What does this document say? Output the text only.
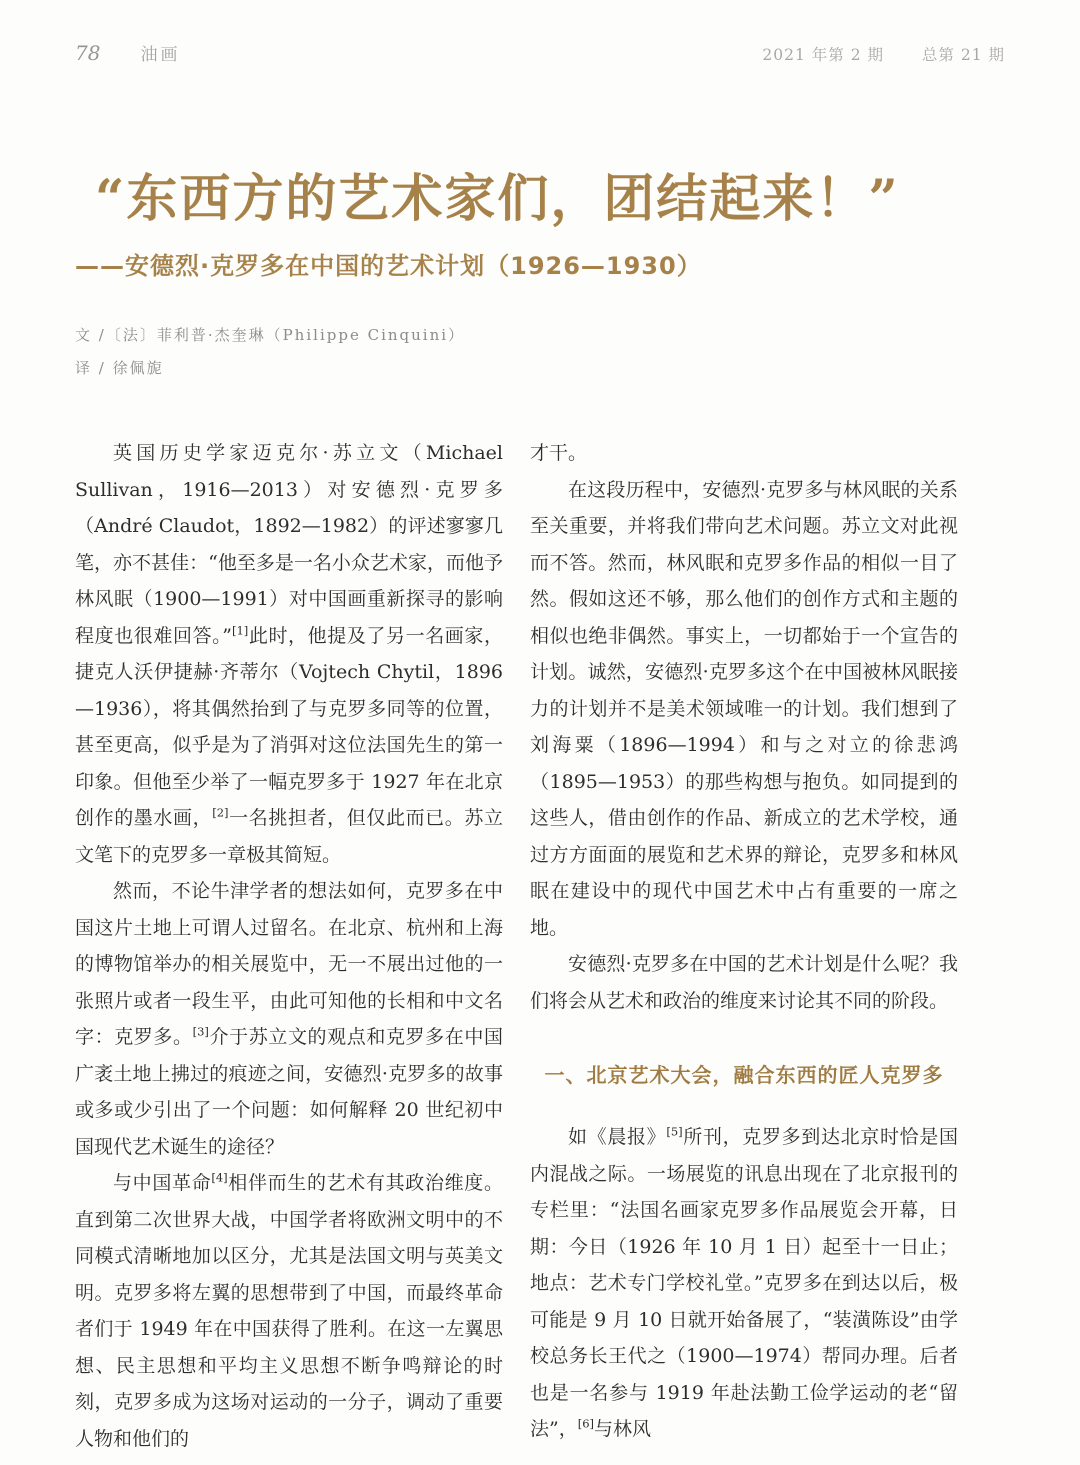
78 油画	2021 年第 2 期 总第 21 期
“东西方的艺术家们，团结起来！”
——安德烈·克罗多在中国的艺术计划（1926—1930）

文 /〔法〕菲利普·杰奎琳（Philippe Cinquini）

译 / 徐佩旎

英国历史学家迈克尔·苏立文（Michael Sullivan，1916—2013）对安德烈·克罗多（André Claudot，1892—1982）的评述寥寥几笔，亦不甚佳：“他至多是一名小众艺术家，而他予林风眠（1900—1991）对中国画重新探寻的影响程度也很难回答。”[1]此时，他提及了另一名画家，捷克人沃伊捷赫·齐蒂尔（Vojtech Chytil，1896—1936），将其偶然抬到了与克罗多同等的位置，甚至更高，似乎是为了消弭对这位法国先生的第一印象。但他至少举了一幅克罗多于 1927 年在北京创作的墨水画，[2]一名挑担者，但仅此而已。苏立文笔下的克罗多一章极其简短。

然而，不论牛津学者的想法如何，克罗多在中国这片土地上可谓人过留名。在北京、杭州和上海的博物馆举办的相关展览中，无一不展出过他的一张照片或者一段生平，由此可知他的长相和中文名字：克罗多。[3]介于苏立文的观点和克罗多在中国广袤土地上拂过的痕迹之间，安德烈·克罗多的故事或多或少引出了一个问题：如何解释 20 世纪初中国现代艺术诞生的途径？

与中国革命[4]相伴而生的艺术有其政治维度。直到第二次世界大战，中国学者将欧洲文明中的不同模式清晰地加以区分，尤其是法国文明与英美文明。克罗多将左翼的思想带到了中国，而最终革命者们于 1949 年在中国获得了胜利。在这一左翼思想、民主思想和平均主义思想不断争鸣辩论的时刻，克罗多成为这场对运动的一分子，调动了重要人物和他们的

才干。

在这段历程中，安德烈·克罗多与林风眠的关系至关重要，并将我们带向艺术问题。苏立文对此视而不答。然而，林风眠和克罗多作品的相似一目了然。假如这还不够，那么他们的创作方式和主题的相似也绝非偶然。事实上，一切都始于一个宣告的计划。诚然，安德烈·克罗多这个在中国被林风眠接力的计划并不是美术领域唯一的计划。我们想到了刘海粟（1896—1994）和与之对立的徐悲鸿（1895—1953）的那些构想与抱负。如同提到的这些人，借由创作的作品、新成立的艺术学校，通过方方面面的展览和艺术界的辩论，克罗多和林风眠在建设中的现代中国艺术中占有重要的一席之地。

安德烈·克罗多在中国的艺术计划是什么呢？我们将会从艺术和政治的维度来讨论其不同的阶段。

一、北京艺术大会，融合东西的匠人克罗多

如《晨报》[5]所刊，克罗多到达北京时恰是国内混战之际。一场展览的讯息出现在了北京报刊的专栏里：“法国名画家克罗多作品展览会开幕，日期：今日（1926 年 10 月 1 日）起至十一日止；地点：艺术专门学校礼堂。”克罗多在到达以后，极可能是 9 月 10 日就开始备展了，“装潢陈设”由学校总务长王代之（1900—1974）帮同办理。后者也是一名参与 1919 年赴法勤工俭学运动的老“留法”，[6]与林风
